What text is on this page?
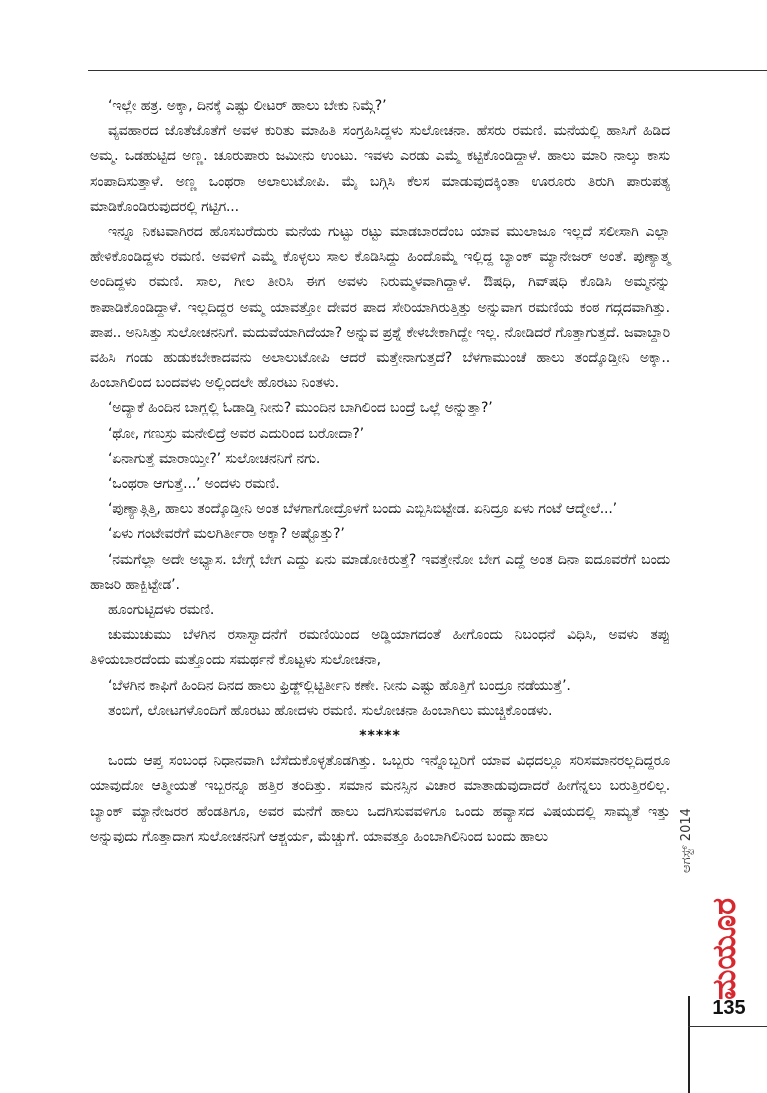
‘ಇಲ್ಲೇ ಹತ್ರ. ಅಕ್ಕಾ, ದಿನಕ್ಕೆ ಎಷ್ಟು ಲೀಟರ್ ಹಾಲು ಬೇಕು ನಿಮ್ಗೆ?’

ವ್ಯವಹಾರದ ಜೊತೆಜೊತೆಗೆ ಅವಳ ಕುರಿತು ಮಾಹಿತಿ ಸಂಗ್ರಹಿಸಿದ್ದಳು ಸುಲೋಚನಾ. ಹೆಸರು ರಮಣಿ. ಮನೆಯಲ್ಲಿ ಹಾಸಿಗೆ ಹಿಡಿದ ಅಮ್ಮ. ಒಡಹುಟ್ಟಿದ ಅಣ್ಣ. ಚೂರುಪಾರು ಜಮೀನು ಉಂಟು. ಇವಳು ಎರಡು ಎಮ್ಮೆ ಕಟ್ಟಿಕೊಂಡಿದ್ದಾಳೆ. ಹಾಲು ಮಾರಿ ನಾಲ್ಕು ಕಾಸು ಸಂಪಾದಿಸುತ್ತಾಳೆ. ಅಣ್ಣ ಒಂಥರಾ ಅಲಾಲುಟೋಪಿ. ಮೈ ಬಗ್ಗಿಸಿ ಕೆಲಸ ಮಾಡುವುದಕ್ಕಿಂತಾ ಊರೂರು ತಿರುಗಿ ಪಾರುಪತ್ಯ ಮಾಡಿಕೊಂಡಿರುವುದರಲ್ಲಿ ಗಟ್ಟಿಗ...

ಇನ್ನೂ ನಿಕಟವಾಗಿರದ ಹೊಸಬರೆದುರು ಮನೆಯ ಗುಟ್ಟು ರಟ್ಟು ಮಾಡಬಾರದೆಂಬ ಯಾವ ಮುಲಾಜೂ ಇಲ್ಲದೆ ಸಲೀಸಾಗಿ ಎಲ್ಲಾ ಹೇಳಿಕೊಂಡಿದ್ದಳು ರಮಣಿ. ಅವಳಿಗೆ ಎಮ್ಮೆ ಕೊಳ್ಳಲು ಸಾಲ ಕೊಡಿಸಿದ್ದು ಹಿಂದೊಮ್ಮೆ ಇಲ್ಲಿದ್ದ ಬ್ಯಾಂಕ್ ಮ್ಯಾನೇಜರ್ ಅಂತೆ. ಪುಣ್ಯಾತ್ಮ ಅಂದಿದ್ದಳು ರಮಣಿ. ಸಾಲ, ಗೀಲ ತೀರಿಸಿ ಈಗ ಅವಳು ನಿರುಮ್ಮಳವಾಗಿದ್ದಾಳೆ. ಔಷಧಿ, ಗಿವ್‌ಷಧಿ ಕೊಡಿಸಿ ಅಮ್ಮನನ್ನು ಕಾಪಾಡಿಕೊಂಡಿದ್ದಾಳೆ. ಇಲ್ಲದಿದ್ದರ ಅಮ್ಮ ಯಾವತ್ತೋ ದೇವರ ಪಾದ ಸೇರಿಯಾಗಿರುತ್ತಿತ್ತು ಅನ್ನುವಾಗ ರಮಣಿಯ ಕಂಠ ಗದ್ಗದವಾಗಿತ್ತು. ಪಾಪ.. ಅನಿಸಿತ್ತು ಸುಲೋಚನನಿಗೆ. ಮದುವೆಯಾಗಿದೆಯಾ? ಅನ್ನುವ ಪ್ರಶ್ನೆ ಕೇಳಬೇಕಾಗಿದ್ದೇ ಇಲ್ಲ. ನೋಡಿದರೆ ಗೊತ್ತಾಗುತ್ತದೆ. ಜವಾಬ್ದಾರಿ ವಹಿಸಿ ಗಂಡು ಹುಡುಕಬೇಕಾದವನು ಅಲಾಲುಟೋಪಿ ಆದರೆ ಮತ್ತೇನಾಗುತ್ತದೆ? ಬೆಳಗಾಮುಂಚೆ ಹಾಲು ತಂದ್ಕೊಡ್ತೀನಿ ಅಕ್ಕಾ.. ಹಿಂಬಾಗಿಲಿಂದ ಬಂದವಳು ಅಲ್ಲಿಂದಲೇ ಹೊರಟು ನಿಂತಳು.

‘ಅದ್ಯಾಕೆ ಹಿಂದಿನ ಬಾಗ್ಲಲ್ಲಿ ಓಡಾಡ್ತಿ ನೀನು? ಮುಂದಿನ ಬಾಗಿಲಿಂದ ಬಂದ್ರೆ ಒಲ್ಲೆ ಅನ್ನುತ್ತಾ?’

‘ಥೋ, ಗಣುಸ್ರು ಮನೇಲಿದ್ರೆ ಅವರ ಎದುರಿಂದ ಬರೋದಾ?’

‘ಏನಾಗುತ್ತೆ ಮಾರಾಯ್ತೀ?’ ಸುಲೋಚನನಿಗೆ ನಗು.

‘ಒಂಥರಾ ಆಗುತ್ತೆ...’ ಅಂದಳು ರಮಣಿ.

‘ಪುಣ್ಯಾತ್ಗಿತ್ತಿ, ಹಾಲು ತಂದ್ಕೊಡ್ತೀನಿ ಅಂತ ಬೆಳಗಾಗೋದ್ರೊಳಗೆ ಬಂದು ಎಬ್ಬಿಸಿಬಿಟ್ಟೇಡ. ಏನಿದ್ರೂ ಏಳು ಗಂಟೆ ಆದ್ಮೇಲೆ...’

‘ಏಳು ಗಂಟೇವರೆಗೆ ಮಲಗಿರ್ತೀರಾ ಅಕ್ಕಾ? ಅಷ್ಟೊತ್ತು?’

‘ನಮಗೆಲ್ಲಾ ಅದೇ ಅಭ್ಯಾಸ. ಬೇಗ್ಗೆ ಬೇಗ ಎದ್ದು ಏನು ಮಾಡೋಕಿರುತ್ತೆ? ಇವತ್ತೇನೋ ಬೇಗ ಎದ್ದೆ ಅಂತ ದಿನಾ ಐದೂವರೆಗೆ ಬಂದು ಹಾಜರಿ ಹಾಕ್ಬಿಟ್ಟೇಡ’.

ಹೂಂಗುಟ್ಟಿದಳು ರಮಣಿ.

ಚುಮುಚುಮು ಬೆಳಗಿನ ರಸಾಸ್ವಾದನೆಗೆ ರಮಣಿಯಿಂದ ಅಡ್ಡಿಯಾಗದಂತೆ ಹೀಗೊಂದು ನಿಬಂಧನೆ ವಿಧಿಸಿ, ಅವಳು ತಪ್ಪು ತಿಳಿಯಬಾರದೆಂದು ಮತ್ತೊಂದು ಸಮರ್ಥನೆ ಕೊಟ್ಟಳು ಸುಲೋಚನಾ,

‘ಬೆಳಗಿನ ಕಾಫಿಗೆ ಹಿಂದಿನ ದಿನದ ಹಾಲು ಫ್ರಿಡ್ಜ್‌ಲ್ಲಿಟ್ಟಿರ್ತೀನಿ ಕಣೇ. ನೀನು ಎಷ್ಟು ಹೊತ್ತಿಗೆ ಬಂದ್ರೂ ನಡೆಯುತ್ತೆ’.

ತಂಬಿಗೆ, ಲೋಟಗಳೊಂದಿಗೆ ಹೊರಟು ಹೋದಳು ರಮಣಿ. ಸುಲೋಚನಾ ಹಿಂಬಾಗಿಲು ಮುಚ್ಚಿಕೊಂಡಳು.

*****

ಒಂದು ಆಪ್ತ ಸಂಬಂಧ ನಿಧಾನವಾಗಿ ಬೆಸೆದುಕೊಳ್ಳತೊಡಗಿತ್ತು. ಒಬ್ಬರು ಇನ್ನೊಬ್ಬರಿಗೆ ಯಾವ ವಿಧದಲ್ಲೂ ಸರಿಸಮಾನರಲ್ಲದಿದ್ದರೂ ಯಾವುದೋ ಆತ್ಮೀಯತೆ ಇಬ್ಬರನ್ನೂ ಹತ್ತಿರ ತಂದಿತ್ತು. ಸಮಾನ ಮನಸ್ಸಿನ ವಿಚಾರ ಮಾತಾಡುವುದಾದರೆ ಹೀಗೆನ್ನಲು ಬರುತ್ತಿರಲಿಲ್ಲ. ಬ್ಯಾಂಕ್ ಮ್ಯಾನೇಜರರ ಹೆಂಡತಿಗೂ, ಅವರ ಮನೆಗೆ ಹಾಲು ಒದಗಿಸುವವಳಿಗೂ ಒಂದು ಹವ್ಯಾಸದ ವಿಷಯದಲ್ಲಿ ಸಾಮ್ಯತೆ ಇತ್ತು ಅನ್ನುವುದು ಗೊತ್ತಾದಾಗ ಸುಲೋಚನನಿಗೆ ಆಶ್ಚರ್ಯ, ಮೆಚ್ಚುಗೆ. ಯಾವತ್ತೂ ಹಿಂಬಾಗಿಲಿನಿಂದ ಬಂದು ಹಾಲು	ಆಗಸ್ಟ್ 2014
ಮಯೂರ
135
